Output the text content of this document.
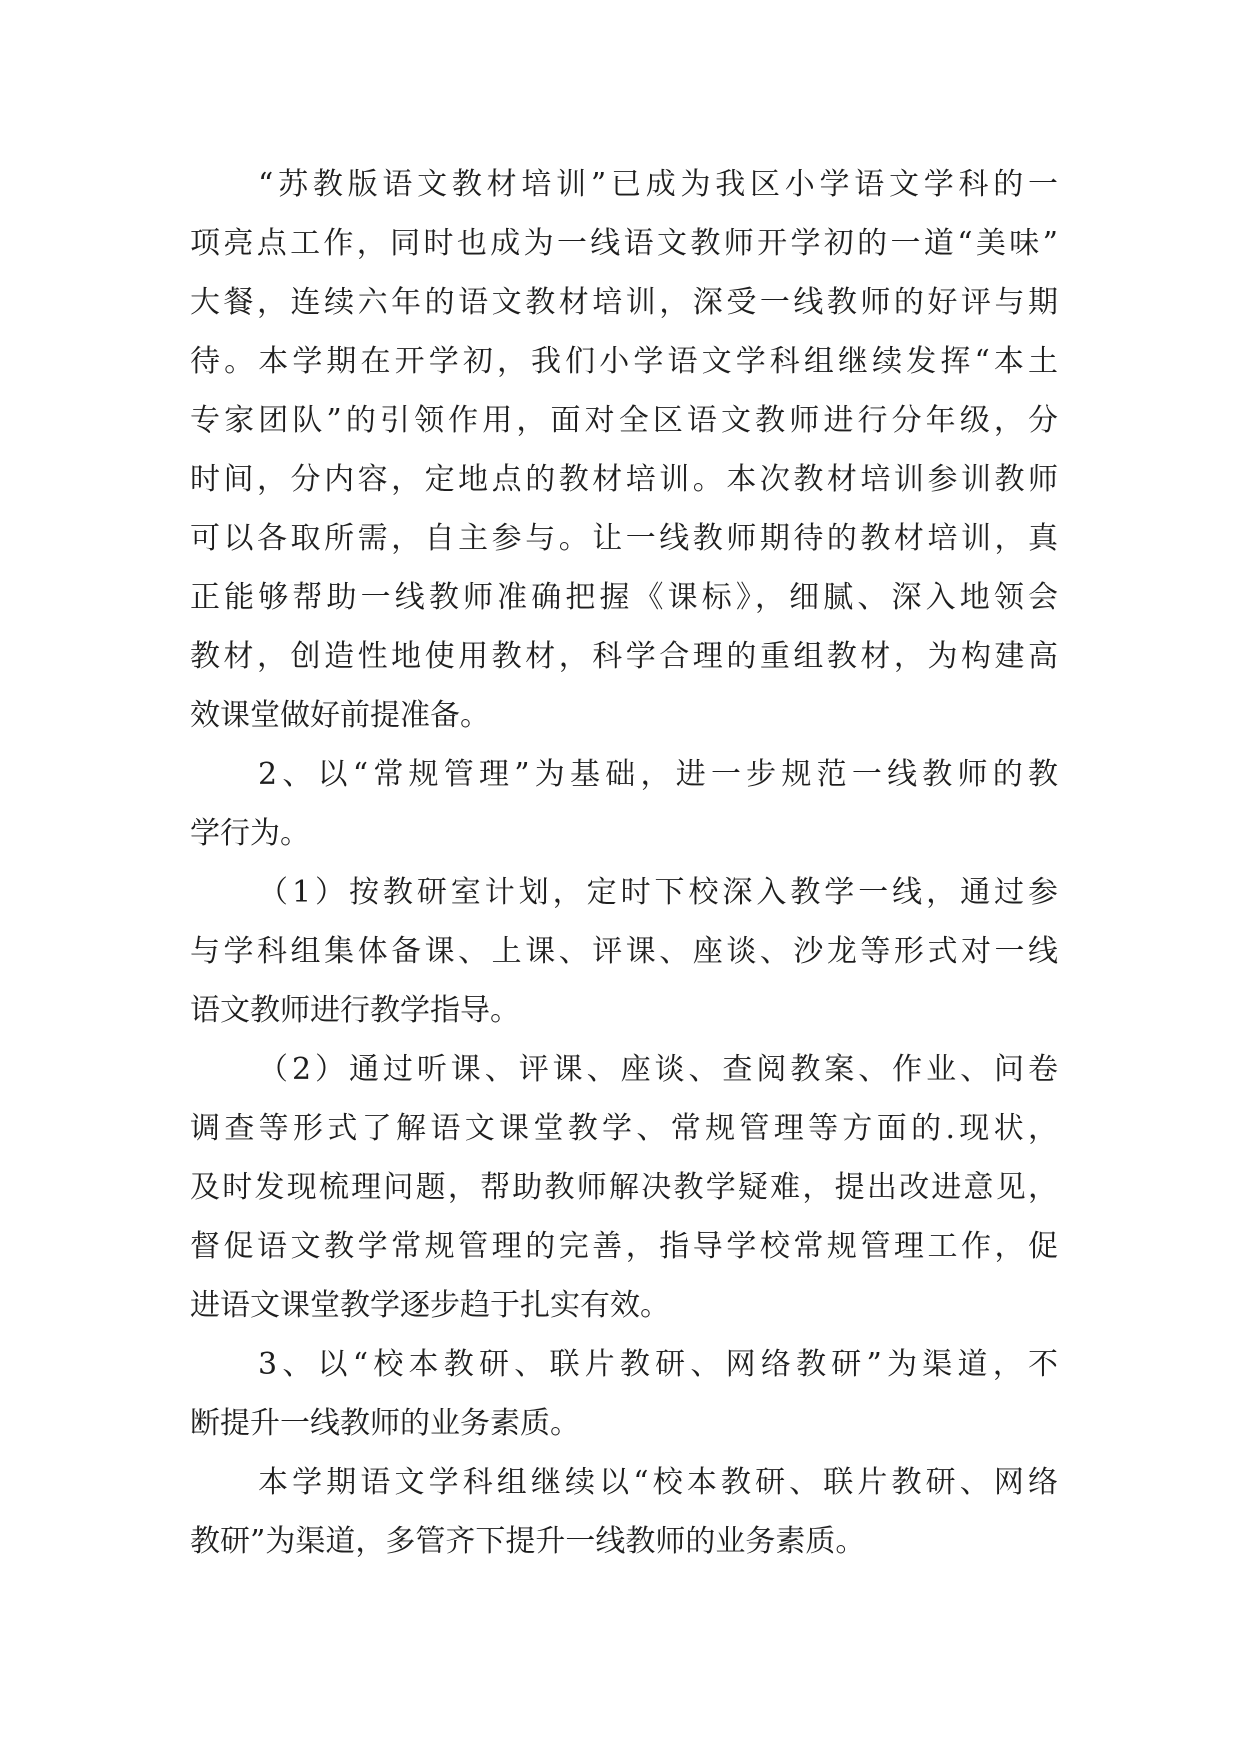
“苏教版语文教材培训”已成为我区小学语文学科的一
项亮点工作，同时也成为一线语文教师开学初的一道“美味”
大餐，连续六年的语文教材培训，深受一线教师的好评与期
待。本学期在开学初，我们小学语文学科组继续发挥“本土
专家团队”的引领作用，面对全区语文教师进行分年级，分
时间，分内容，定地点的教材培训。本次教材培训参训教师
可以各取所需，自主参与。让一线教师期待的教材培训，真
正能够帮助一线教师准确把握《课标》，细腻、深入地领会
教材，创造性地使用教材，科学合理的重组教材，为构建高
效课堂做好前提准备。
2、以“常规管理”为基础，进一步规范一线教师的教
学行为。
（1）按教研室计划，定时下校深入教学一线，通过参
与学科组集体备课、上课、评课、座谈、沙龙等形式对一线
语文教师进行教学指导。
（2）通过听课、评课、座谈、查阅教案、作业、问卷
调查等形式了解语文课堂教学、常规管理等方面的.现状，
及时发现梳理问题，帮助教师解决教学疑难，提出改进意见，
督促语文教学常规管理的完善，指导学校常规管理工作，促
进语文课堂教学逐步趋于扎实有效。
3、以“校本教研、联片教研、网络教研”为渠道，不
断提升一线教师的业务素质。
本学期语文学科组继续以“校本教研、联片教研、网络
教研”为渠道，多管齐下提升一线教师的业务素质。
